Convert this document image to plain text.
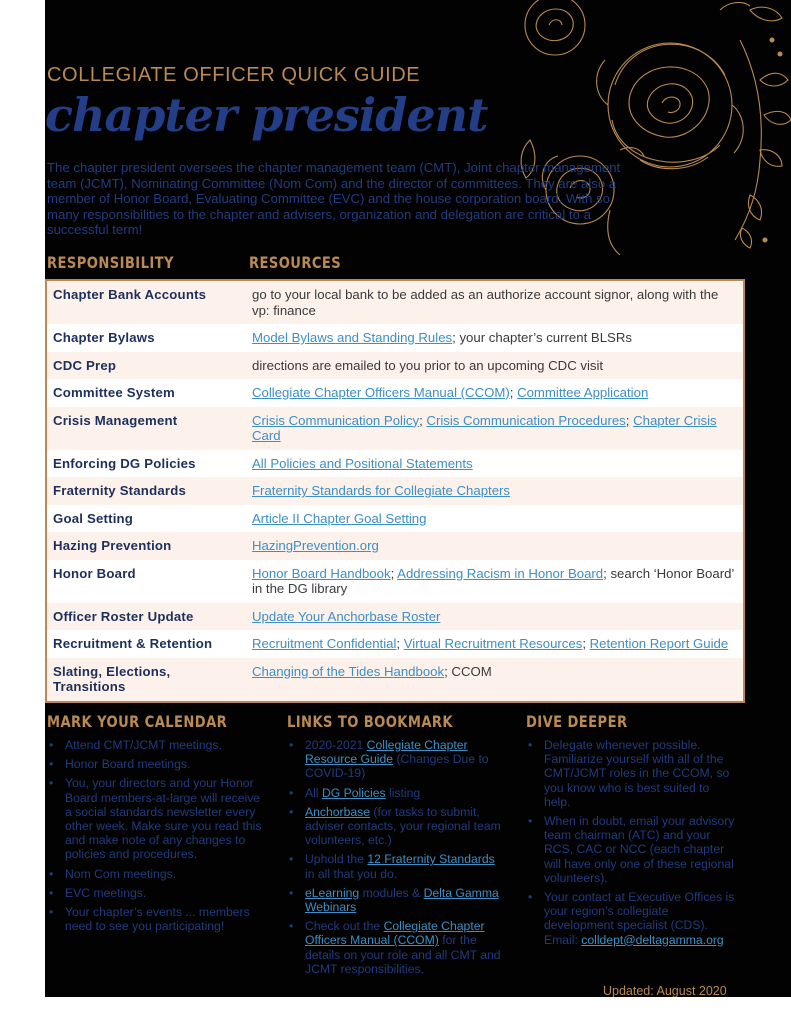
COLLEGIATE OFFICER QUICK GUIDE
chapter president

The chapter president oversees the chapter management team (CMT), Joint chapter management team (JCMT), Nominating Committee (Nom Com) and the director of committees. They are also a member of Honor Board, Evaluating Committee (EVC) and the house corporation board. With so many responsibilities to the chapter and advisers, organization and delegation are critical to a successful term!

RESPONSIBILITY	RESOURCES
Chapter Bank Accounts	go to your local bank to be added as an authorize account signor, along with the vp: finance
Chapter Bylaws	Model Bylaws and Standing Rules; your chapter’s current BLSRs
CDC Prep	directions are emailed to you prior to an upcoming CDC visit
Committee System	Collegiate Chapter Officers Manual (CCOM); Committee Application
Crisis Management	Crisis Communication Policy; Crisis Communication Procedures; Chapter Crisis Card
Enforcing DG Policies	All Policies and Positional Statements
Fraternity Standards	Fraternity Standards for Collegiate Chapters
Goal Setting	Article II Chapter Goal Setting
Hazing Prevention	HazingPrevention.org
Honor Board	Honor Board Handbook; Addressing Racism in Honor Board; search ‘Honor Board’ in the DG library
Officer Roster Update	Update Your Anchorbase Roster
Recruitment & Retention	Recruitment Confidential; Virtual Recruitment Resources; Retention Report Guide
Slating, Elections, Transitions	Changing of the Tides Handbook; CCOM
MARK YOUR CALENDAR
• Attend CMT/JCMT meetings.
• Honor Board meetings.
• You, your directors and your Honor Board members-at-large will receive a social standards newsletter every other week. Make sure you read this and make note of any changes to policies and procedures.
• Nom Com meetings.
• EVC meetings.
• Your chapter’s events ... members need to see you participating!
LINKS TO BOOKMARK
• 2020-2021 Collegiate Chapter Resource Guide (Changes Due to COVID-19)
• All DG Policies listing
• Anchorbase (for tasks to submit, adviser contacts, your regional team volunteers, etc.)
• Uphold the 12 Fraternity Standards in all that you do.
• eLearning modules & Delta Gamma Webinars
• Check out the Collegiate Chapter Officers Manual (CCOM) for the details on your role and all CMT and JCMT responsibilities.
DIVE DEEPER
• Delegate whenever possible. Familiarize yourself with all of the CMT/JCMT roles in the CCOM, so you know who is best suited to help.
• When in doubt, email your advisory team chairman (ATC) and your RCS, CAC or NCC (each chapter will have only one of these regional volunteers).
• Your contact at Executive Offices is your region’s collegiate development specialist (CDS). Email: colldept@deltagamma.org
Updated: August 2020
